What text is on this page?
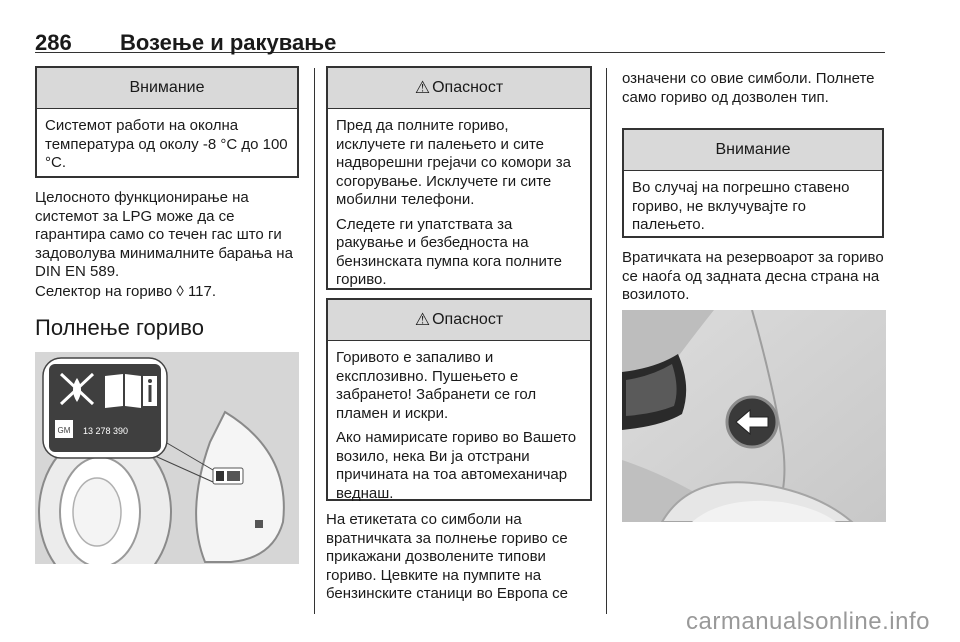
286 Возење и ракување
Внимание

Системот работи на околна температура од околу -8 °C до 100 °C.

Целосното функционирање на системот за LPG може да се гарантира само со течен гас што ги задоволува минималните барања на DIN EN 589.

Селектор на гориво ◊ 117.

Полнење гориво
GM 13 278 390
⚠ Опасност

Пред да полните гориво, исклучете ги палењето и сите надворешни грејачи со комори за согорување. Исклучете ги сите мобилни телефони.

Следете ги упатствата за ракување и безбедноста на бензинската пумпа кога полните гориво.

⚠ Опасност

Горивото е запаливо и експлозивно. Пушењето е забрането! Забранети се гол пламен и искри.

Ако намирисате гориво во Вашето возило, нека Ви ја отстрани причината на тоа автомеханичар веднаш.

На етикетата со симболи на вратничката за полнење гориво се прикажани дозволените типови гориво. Цевките на пумпите на бензинските станици во Европа се

означени со овие симболи. Полнете само гориво од дозволен тип.

Внимание

Во случај на погрешно ставено гориво, не вклучувајте го палењето.

Вратичката на резервоарот за гориво се наоѓа од задната десна страна на возилото.

carmanualsonline.info
